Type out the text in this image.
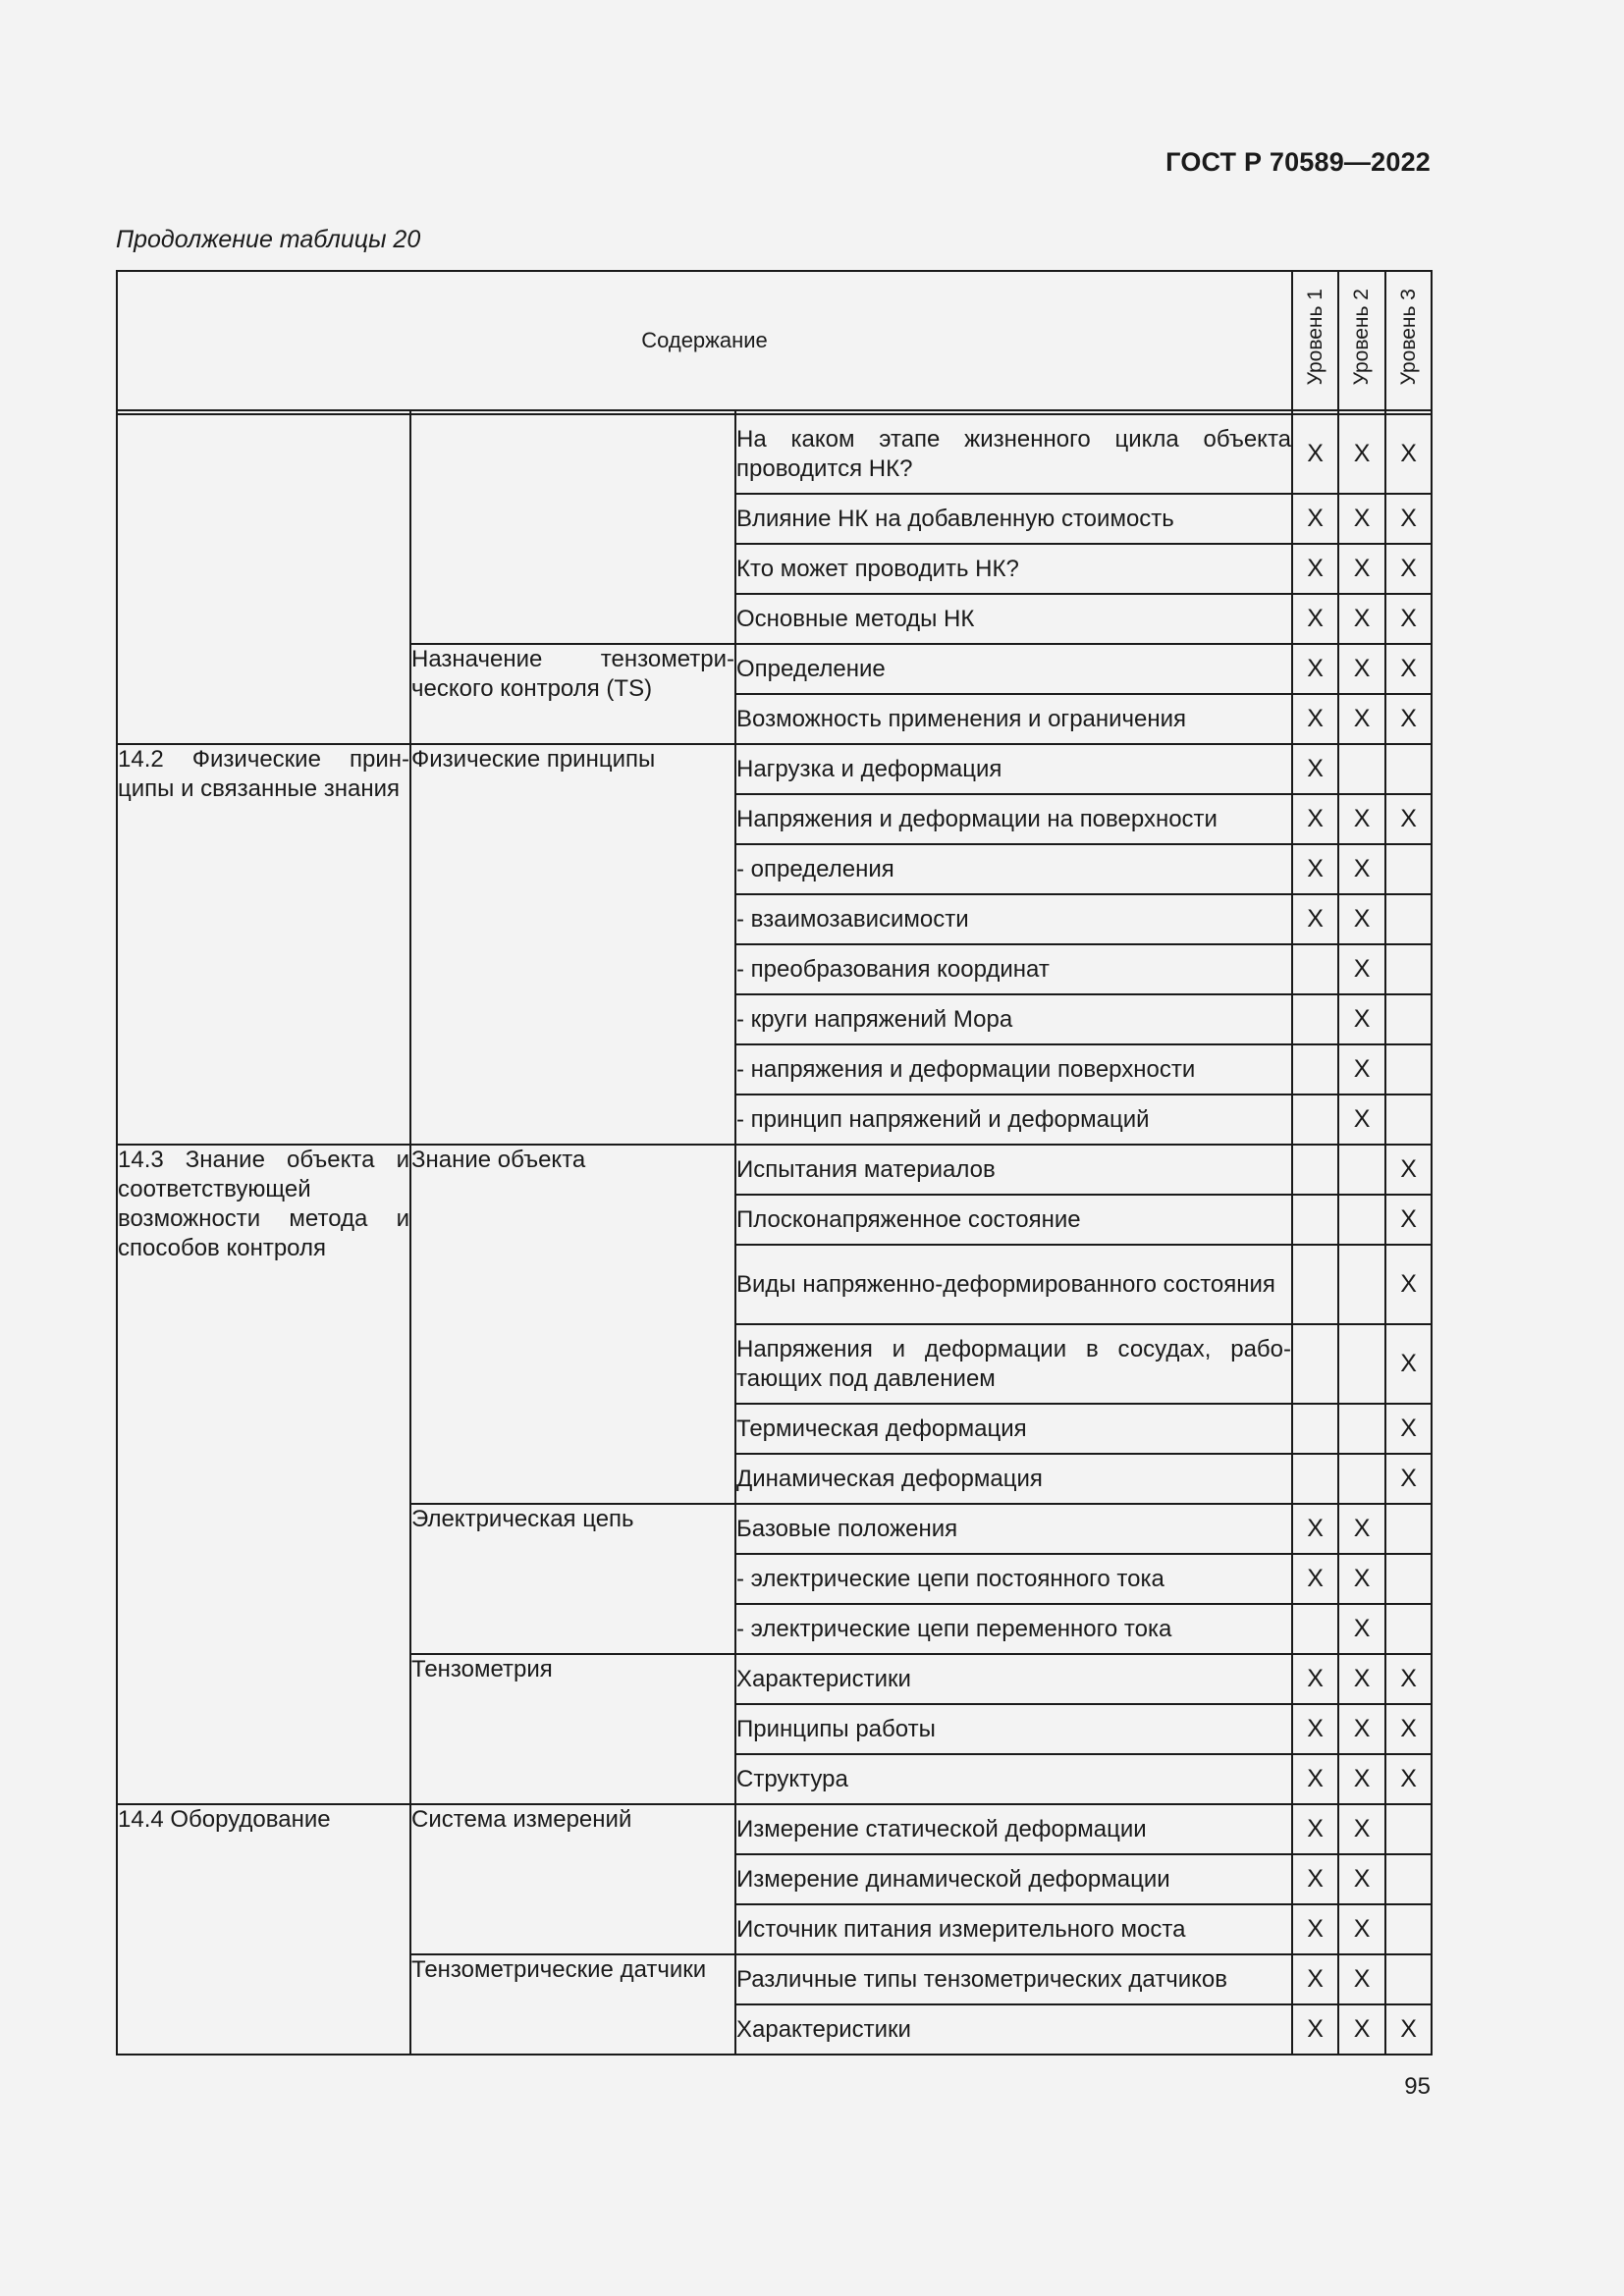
ГОСТ Р 70589—2022
Продолжение таблицы 20
Содержание			Уровень 1	Уровень 2	Уровень 3

		На каком этапе жизненного цикла объекта проводится НК?	X	X	X
		Влияние НК на добавленную стоимость	X	X	X
		Кто может проводить НК?	X	X	X
		Основные методы НК	X	X	X
	Назначение тензометрического контроля (TS)	Определение	X	X	X
		Возможность применения и ограничения	X	X	X
14.2 Физические принципы и связанные знания	Физические принципы	Нагрузка и деформация	X		
		Напряжения и деформации на поверхности	X	X	X
		- определения	X	X	
		- взаимозависимости	X	X	
		- преобразования координат		X	
		- круги напряжений Мора		X	
		- напряжения и деформации поверхности		X	
		- принцип напряжений и деформаций		X	
14.3 Знание объекта и соответствующей возможности метода и способов контроля	Знание объекта	Испытания материалов			X
		Плосконапряженное состояние			X
		Виды напряженно-деформированного состояния			X
		Напряжения и деформации в сосудах, работающих под давлением			X
		Термическая деформация			X
		Динамическая деформация			X
	Электрическая цепь	Базовые положения	X	X	
		- электрические цепи постоянного тока	X	X	
		- электрические цепи переменного тока		X	
	Тензометрия	Характеристики	X	X	X
		Принципы работы	X	X	X
		Структура	X	X	X
14.4 Оборудование	Система измерений	Измерение статической деформации	X	X	
		Измерение динамической деформации	X	X	
		Источник питания измерительного моста	X	X	
	Тензометрические датчики	Различные типы тензометрических датчиков	X	X	
		Характеристики	X	X	X
95
